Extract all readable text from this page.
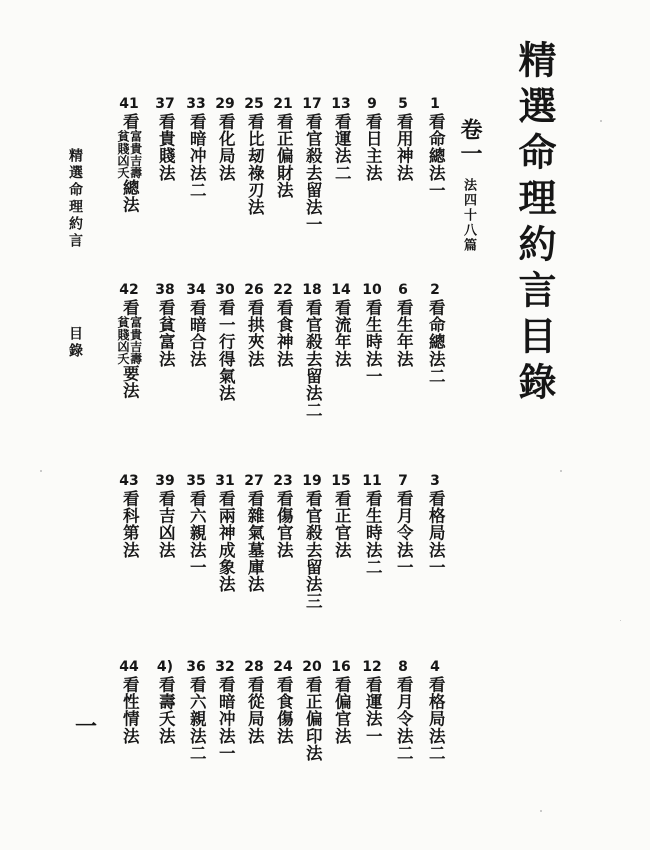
精選命理約言目錄
卷一
法四十八篇
精選命理約言
目錄
一
1
看命總法一
2
看命總法二
3
看格局法一
4
看格局法二
5
看用神法
6
看生年法
7
看月令法一
8
看月令法二
9
看日主法
10
看生時法一
11
看生時法二
12
看運法一
13
看運法二
14
看流年法
15
看正官法
16
看偏官法
17
看官殺去留法一
18
看官殺去留法二
19
看官殺去留法三
20
看正偏印法
21
看正偏財法
22
看食神法
23
看傷官法
24
看食傷法
25
看比刼祿刃法
26
看拱夾法
27
看雜氣墓庫法
28
看從局法
29
看化局法
30
看一行得氣法
31
看兩神成象法
32
看暗冲法一
33
看暗冲法二
34
看暗合法
35
看六親法一
36
看六親法二
37
看貴賤法
38
看貧富法
39
看吉凶法
4)
看壽夭法
41
看
富貴吉壽
貧賤凶夭
總法
42
看
富貴吉壽
貧賤凶夭
要法
43
看科第法
44
看性情法
